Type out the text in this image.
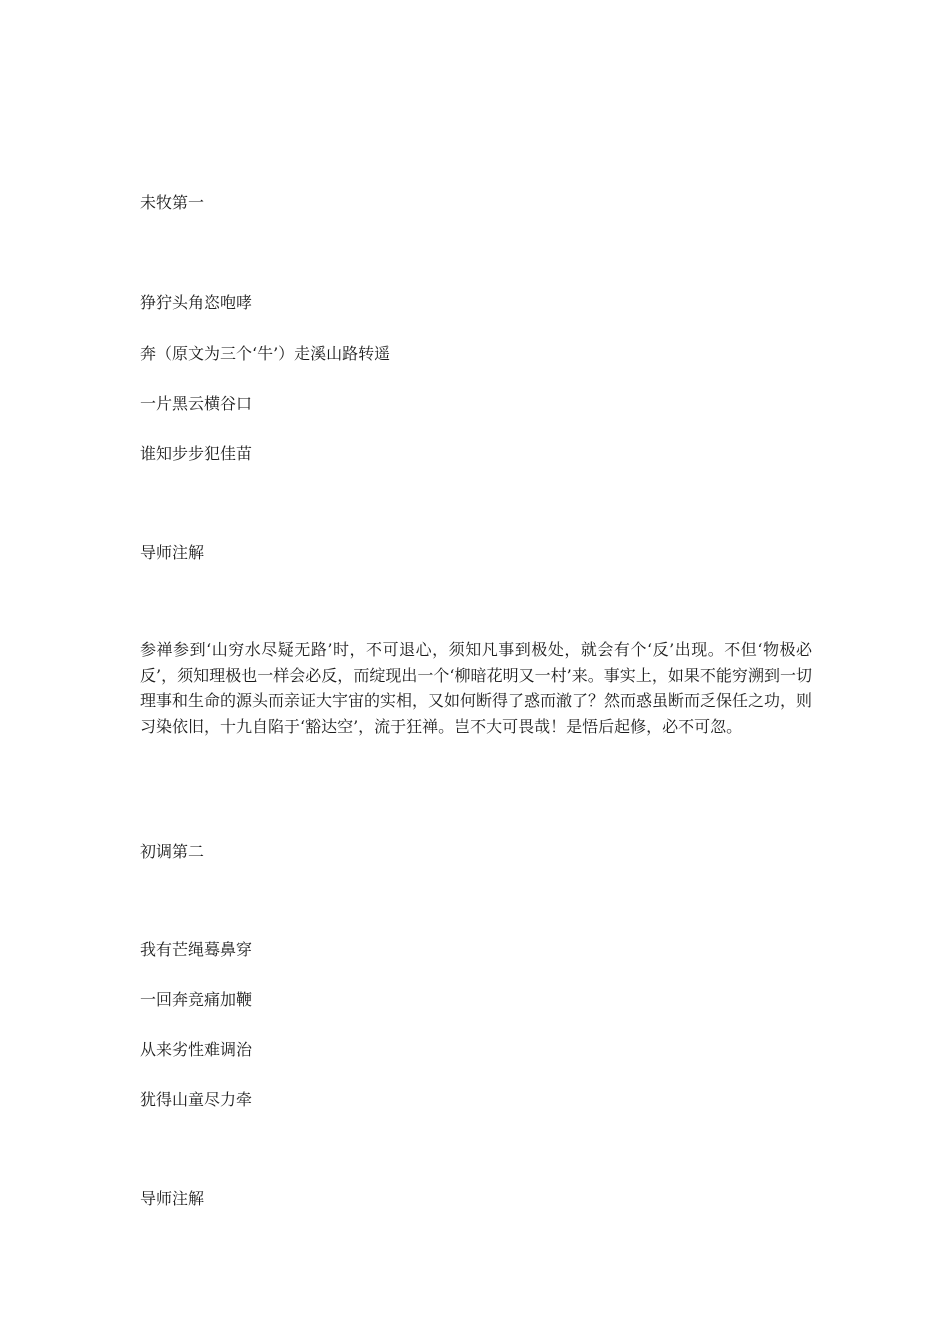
未牧第一
狰狞头角恣咆哮
奔（原文为三个‘牛’）走溪山路转遥
一片黑云横谷口
谁知步步犯佳苗
导师注解
参禅参到‘山穷水尽疑无路’时，不可退心，须知凡事到极处，就会有个‘反’出现。不但‘物极必反’，须知理极也一样会必反，而绽现出一个‘柳暗花明又一村’来。事实上，如果不能穷溯到一切理事和生命的源头而亲证大宇宙的实相，又如何断得了惑而澈了？然而惑虽断而乏保任之功，则习染依旧，十九自陷于‘豁达空’，流于狂禅。岂不大可畏哉！是悟后起修，必不可忽。
初调第二
我有芒绳蓦鼻穿
一回奔竞痛加鞭
从来劣性难调治
犹得山童尽力牵
导师注解
